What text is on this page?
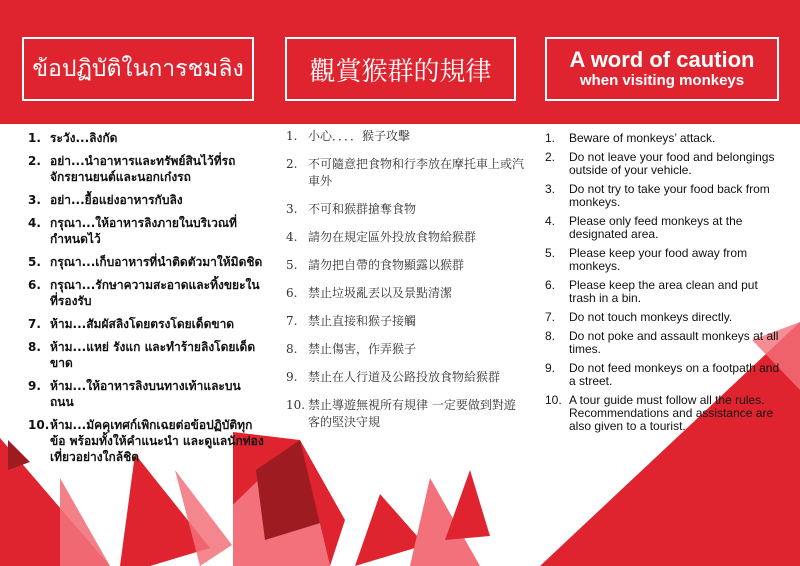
ข้อปฏิบัติในการชมลิง	觀賞猴群的規律	A word of caution
when visiting monkeys
1. ระวัง...ลิงกัด
2. อย่า...นำอาหารและทรัพย์สินไว้ที่รถจักรยานยนต์และนอกเก๋งรถ
3. อย่า...ยื้อแย่งอาหารกับลิง
4. กรุณา...ให้อาหารลิงภายในบริเวณที่กำหนดไว้
5. กรุณา...เก็บอาหารที่นำติดตัวมาให้มิดชิด
6. กรุณา...รักษาความสะอาดและทิ้งขยะในที่รองรับ
7. ห้าม...สัมผัสลิงโดยตรงโดยเด็ดขาด
8. ห้าม...แหย่ รังแก และทำร้ายลิงโดยเด็ดขาด
9. ห้าม...ให้อาหารลิงบนทางเท้าและบนถนน
10. ห้าม...มัคคุเทศก์เพิกเฉยต่อข้อปฏิบัติทุกข้อ พร้อมทั้งให้คำแนะนำ และดูแลนักท่องเที่ยวอย่างใกล้ชิด
1. 小心．．．．猴子攻擊
2. 不可隨意把食物和行李放在摩托車上或汽車外
3. 不可和猴群搶奪食物
4. 請勿在規定區外投放食物給猴群
5. 請勿把自帶的食物顯露以猴群
6. 禁止垃圾亂丟以及景點清潔
7. 禁止直接和猴子接觸
8. 禁止傷害，作弄猴子
9. 禁止在人行道及公路投放食物給猴群
10. 禁止導遊無視所有規律 一定要做到對遊客的堅決守規
1.	Beware of monkeys’ attack.
2.	Do not leave your food and belongings outside of your vehicle.
3.	Do not try to take your food back from monkeys.
4.	Please only feed monkeys at the designated area.
5.	Please keep your food away from monkeys.
6.	Please keep the area clean and put trash in a bin.
7.	Do not touch monkeys directly.
8.	Do not poke and assault monkeys at all times.
9.	Do not feed monkeys on a footpath and a street.
10. A tour guide must follow all the rules. Recommendations and assistance are also given to a tourist.
